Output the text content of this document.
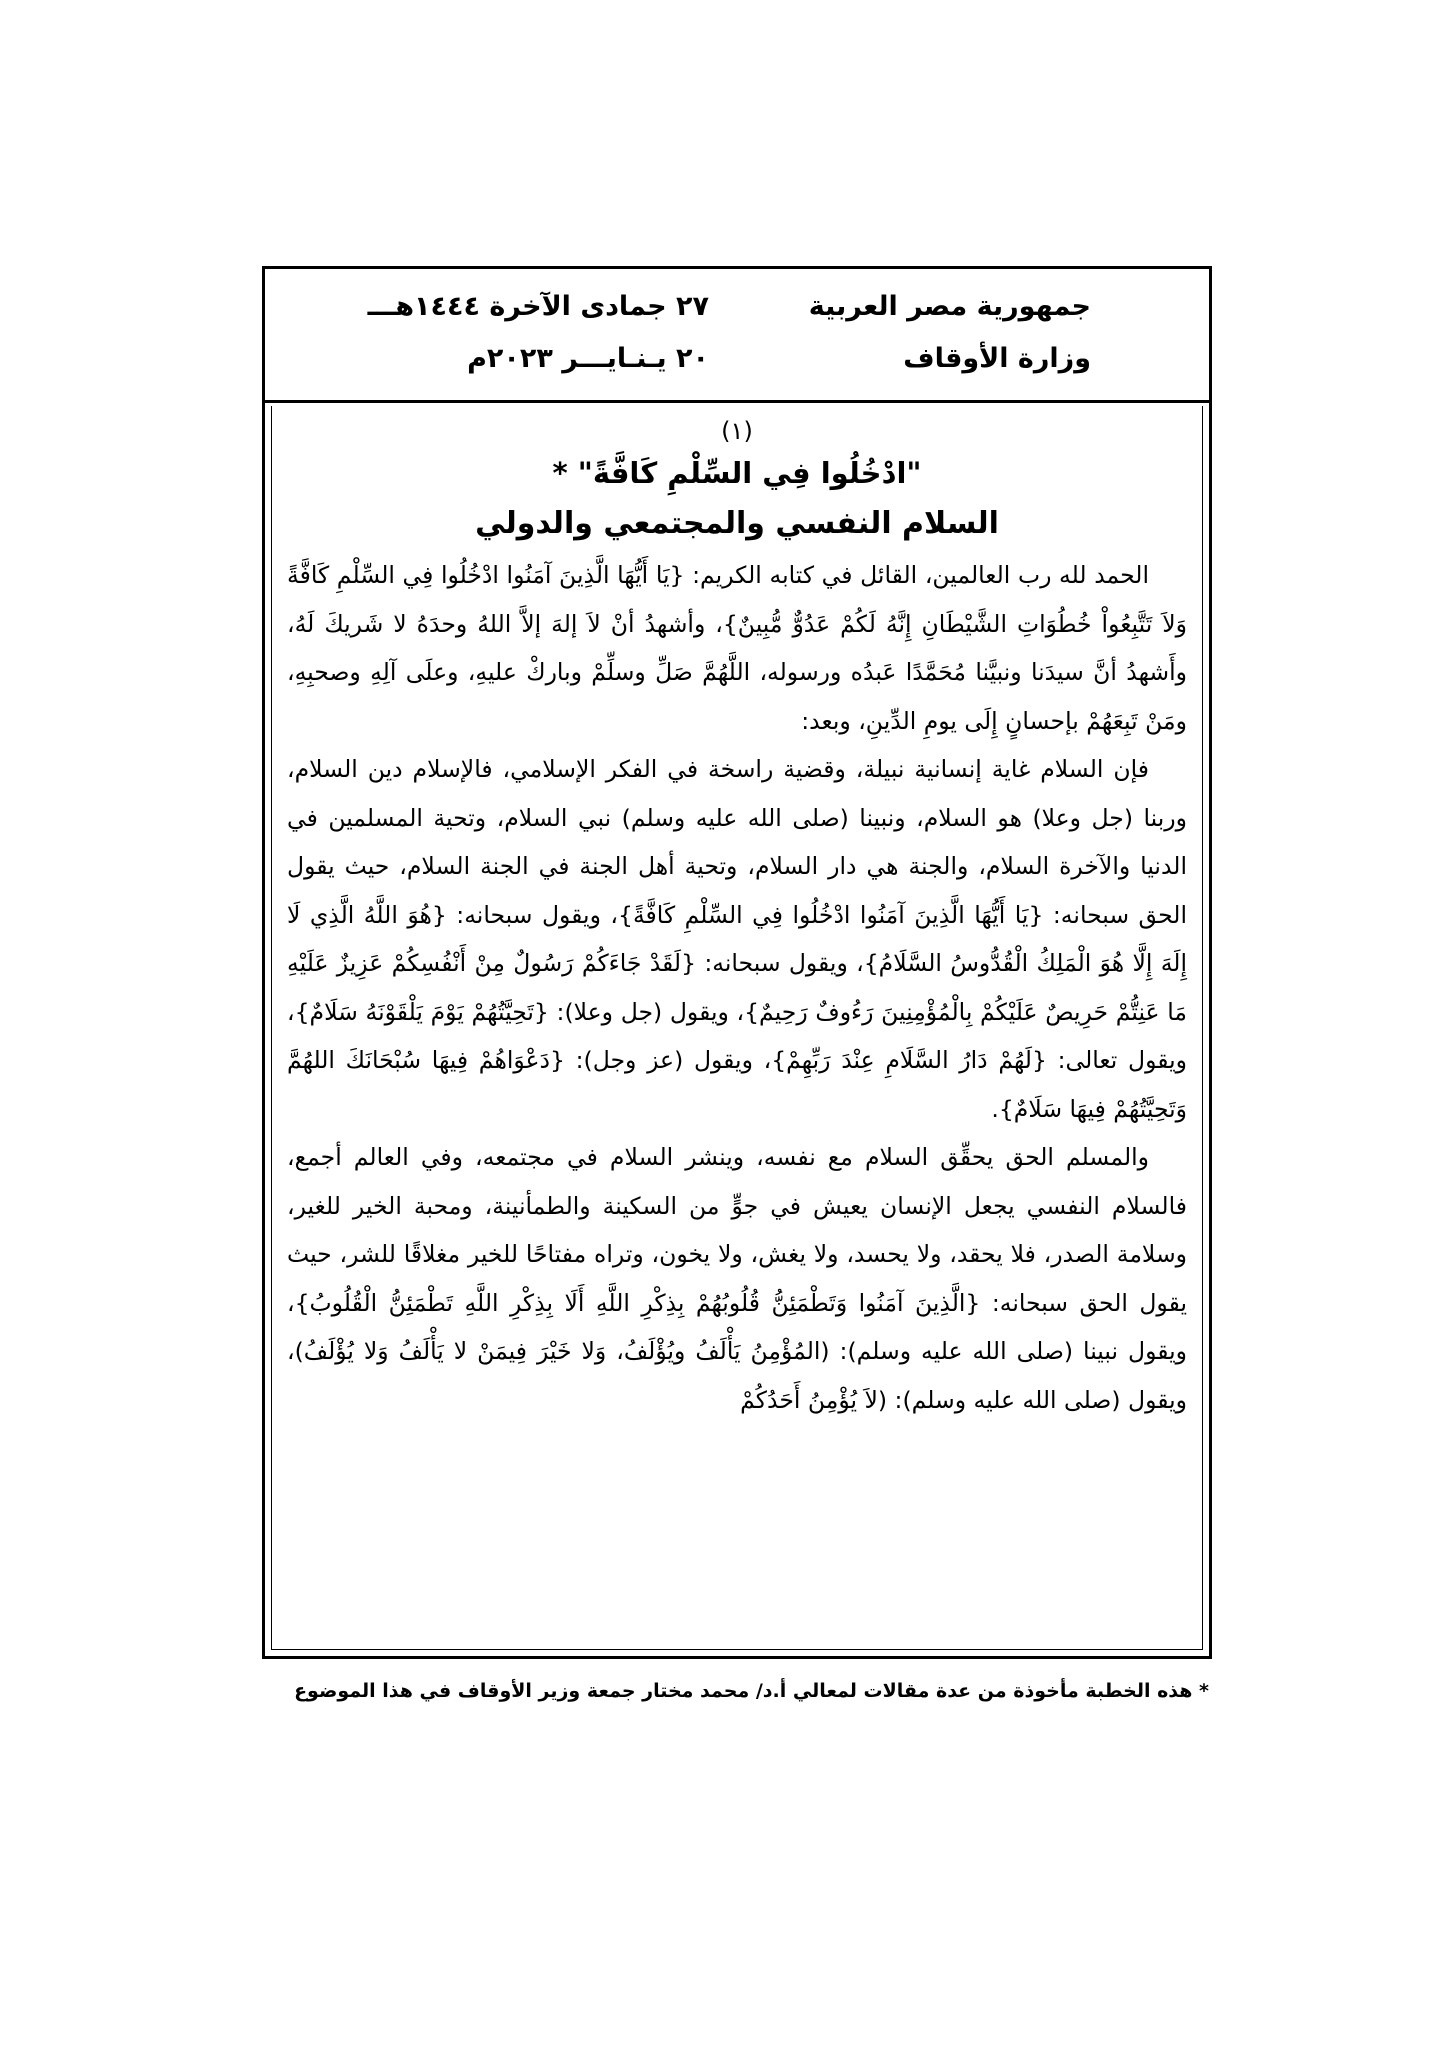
جمهورية مصر العربية
وزارة الأوقاف
٢٧ جمادى الآخرة ١٤٤٤هـــ
٢٠ يـنـايـــر ٢٠٢٣م
(١)
"ادْخُلُوا فِي السِّلْمِ كَافَّةً" *
السلام النفسي والمجتمعي والدولي

الحمد لله رب العالمين، القائل في كتابه الكريم: {يَا أَيُّهَا الَّذِينَ آمَنُوا ادْخُلُوا فِي السِّلْمِ كَافَّةً وَلاَ تَتَّبِعُواْ خُطُوَاتِ الشَّيْطَانِ إِنَّهُ لَكُمْ عَدُوٌّ مُّبِينٌ}، وأشهدُ أنْ لاَ إلهَ إلاَّ اللهُ وحدَهُ لا شَريكَ لَهُ، وأَشهدُ أنَّ سيدَنا ونبيَّنا مُحَمَّدًا عَبدُه ورسوله، اللَّهُمَّ صَلِّ وسلِّمْ وباركْ عليهِ، وعلَى آلِهِ وصحبِهِ، ومَنْ تَبِعَهُمْ بإحسانٍ إِلَى يومِ الدِّينِ، وبعد:

فإن السلام غاية إنسانية نبيلة، وقضية راسخة في الفكر الإسلامي، فالإسلام دين السلام، وربنا (جل وعلا) هو السلام، ونبينا (صلى الله عليه وسلم) نبي السلام، وتحية المسلمين في الدنيا والآخرة السلام، والجنة هي دار السلام، وتحية أهل الجنة في الجنة السلام، حيث يقول الحق سبحانه: {يَا أَيُّهَا الَّذِينَ آمَنُوا ادْخُلُوا فِي السِّلْمِ كَافَّةً}، ويقول سبحانه: {هُوَ اللَّهُ الَّذِي لَا إِلَهَ إِلَّا هُوَ الْمَلِكُ الْقُدُّوسُ السَّلَامُ}، ويقول سبحانه: {لَقَدْ جَاءَكُمْ رَسُولٌ مِنْ أَنْفُسِكُمْ عَزِيزٌ عَلَيْهِ مَا عَنِتُّمْ حَرِيصٌ عَلَيْكُمْ بِالْمُؤْمِنِينَ رَءُوفٌ رَحِيمٌ}، ويقول (جل وعلا): {تَحِيَّتُهُمْ يَوْمَ يَلْقَوْنَهُ سَلَامٌ}، ويقول تعالى: {لَهُمْ دَارُ السَّلَامِ عِنْدَ رَبِّهِمْ}، ويقول (عز وجل): {دَعْوَاهُمْ فِيهَا سُبْحَانَكَ اللهُمَّ وَتَحِيَّتُهُمْ فِيهَا سَلَامٌ}.

والمسلم الحق يحقِّق السلام مع نفسه، وينشر السلام في مجتمعه، وفي العالم أجمع، فالسلام النفسي يجعل الإنسان يعيش في جوٍّ من السكينة والطمأنينة، ومحبة الخير للغير، وسلامة الصدر، فلا يحقد، ولا يحسد، ولا يغش، ولا يخون، وتراه مفتاحًا للخير مغلاقًا للشر، حيث يقول الحق سبحانه: {الَّذِينَ آمَنُوا وَتَطْمَئِنُّ قُلُوبُهُمْ بِذِكْرِ اللَّهِ أَلَا بِذِكْرِ اللَّهِ تَطْمَئِنُّ الْقُلُوبُ}، ويقول نبينا (صلى الله عليه وسلم): (المُؤْمِنُ يَأْلَفُ ويُؤْلَفُ، وَلا خَيْرَ فِيمَنْ لا يَأْلَفُ وَلا يُؤْلَفُ)، ويقول (صلى الله عليه وسلم): (لاَ يُؤْمِنُ أَحَدُكُمْ

* هذه الخطبة مأخوذة من عدة مقالات لمعالي أ.د/ محمد مختار جمعة وزير الأوقاف في هذا الموضوع
